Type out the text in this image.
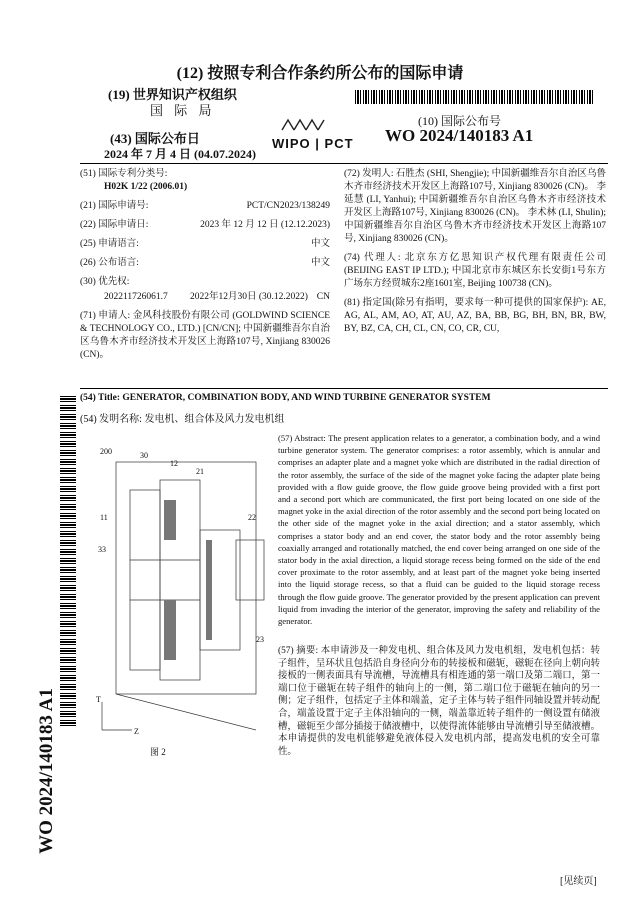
(12) 按照专利合作条约所公布的国际申请
(19) 世界知识产权组织
国 际 局
(43) 国际公布日
2024 年 7 月 4 日 (04.07.2024)
WIPO | PCT
(10) 国际公布号
WO 2024/140183 A1
(51) 国际专利分类号:
H02K 1/22 (2006.01)
(21) 国际申请号:	PCT/CN2023/138249
(22) 国际申请日:	2023 年 12 月 12 日 (12.12.2023)
(25) 申请语言:	中文
(26) 公布语言:	中文
(30) 优先权:
202211726061.7	2022年12月30日 (30.12.2022) CN
(71) 申请人: 金风科技股份有限公司 (GOLDWIND SCIENCE & TECHNOLOGY CO., LTD.) [CN/CN]; 中国新疆维吾尔自治区乌鲁木齐市经济技术开发区上海路107号, Xinjiang 830026 (CN)。
(72) 发明人: 石胜杰 (SHI, Shengjie); 中国新疆维吾尔自治区乌鲁木齐市经济技术开发区上海路107号, Xinjiang 830026 (CN)。 李延慧 (LI, Yanhui); 中国新疆维吾尔自治区乌鲁木齐市经济技术开发区上海路107号, Xinjiang 830026 (CN)。 李术林 (LI, Shulin); 中国新疆维吾尔自治区乌鲁木齐市经济技术开发区上海路107号, Xinjiang 830026 (CN)。
(74) 代理人: 北京东方亿思知识产权代理有限责任公司 (BEIJING EAST IP LTD.); 中国北京市东城区东长安街1号东方广场东方经贸城东2座1601室, Beijing 100738 (CN)。
(81) 指定国(除另有指明，要求每一种可提供的国家保护): AE, AG, AL, AM, AO, AT, AU, AZ, BA, BB, BG, BH, BN, BR, BW, BY, BZ, CA, CH, CL, CN, CO, CR, CU,
(54) Title: GENERATOR, COMBINATION BODY, AND WIND TURBINE GENERATOR SYSTEM
(54) 发明名称: 发电机、组合体及风力发电机组
WO 2024/140183 A1
200	30
12
21
11	22
33
23
T
Z
图 2
(57) Abstract: The present application relates to a generator, a combination body, and a wind turbine generator system. The generator comprises: a rotor assembly, which is annular and comprises an adapter plate and a magnet yoke which are distributed in the radial direction of the rotor assembly, the surface of the side of the magnet yoke facing the adapter plate being provided with a flow guide groove, the flow guide groove being provided with a first port and a second port which are communicated, the first port being located on one side of the magnet yoke in the axial direction of the rotor assembly and the second port being located on the other side of the magnet yoke in the axial direction; and a stator assembly, which comprises a stator body and an end cover, the stator body and the rotor assembly being coaxially arranged and rotationally matched, the end cover being arranged on one side of the stator body in the axial direction, a liquid storage recess being formed on the side of the end cover proximate to the rotor assembly, and at least part of the magnet yoke being inserted into the liquid storage recess, so that a fluid can be guided to the liquid storage recess through the flow guide groove. The generator provided by the present application can prevent liquid from invading the interior of the generator, improving the safety and reliability of the generator.
(57) 摘要: 本申请涉及一种发电机、组合体及风力发电机组，发电机包括：转子组件，呈环状且包括沿自身径向分布的转接板和磁轭，磁轭在径向上朝向转接板的一侧表面具有导流槽，导流槽具有相连通的第一端口及第二端口，第一端口位于磁轭在转子组件的轴向上的一侧，第二端口位于磁轭在轴向的另一侧；定子组件，包括定子主体和端盖，定子主体与转子组件同轴设置并转动配合，端盖设置于定子主体沿轴向的一侧，端盖靠近转子组件的一侧设置有储液槽，磁轭至少部分插接于储液槽中，以使得流体能够由导流槽引导至储液槽。本申请提供的发电机能够避免液体侵入发电机内部，提高发电机的安全可靠性。
[见续页]
